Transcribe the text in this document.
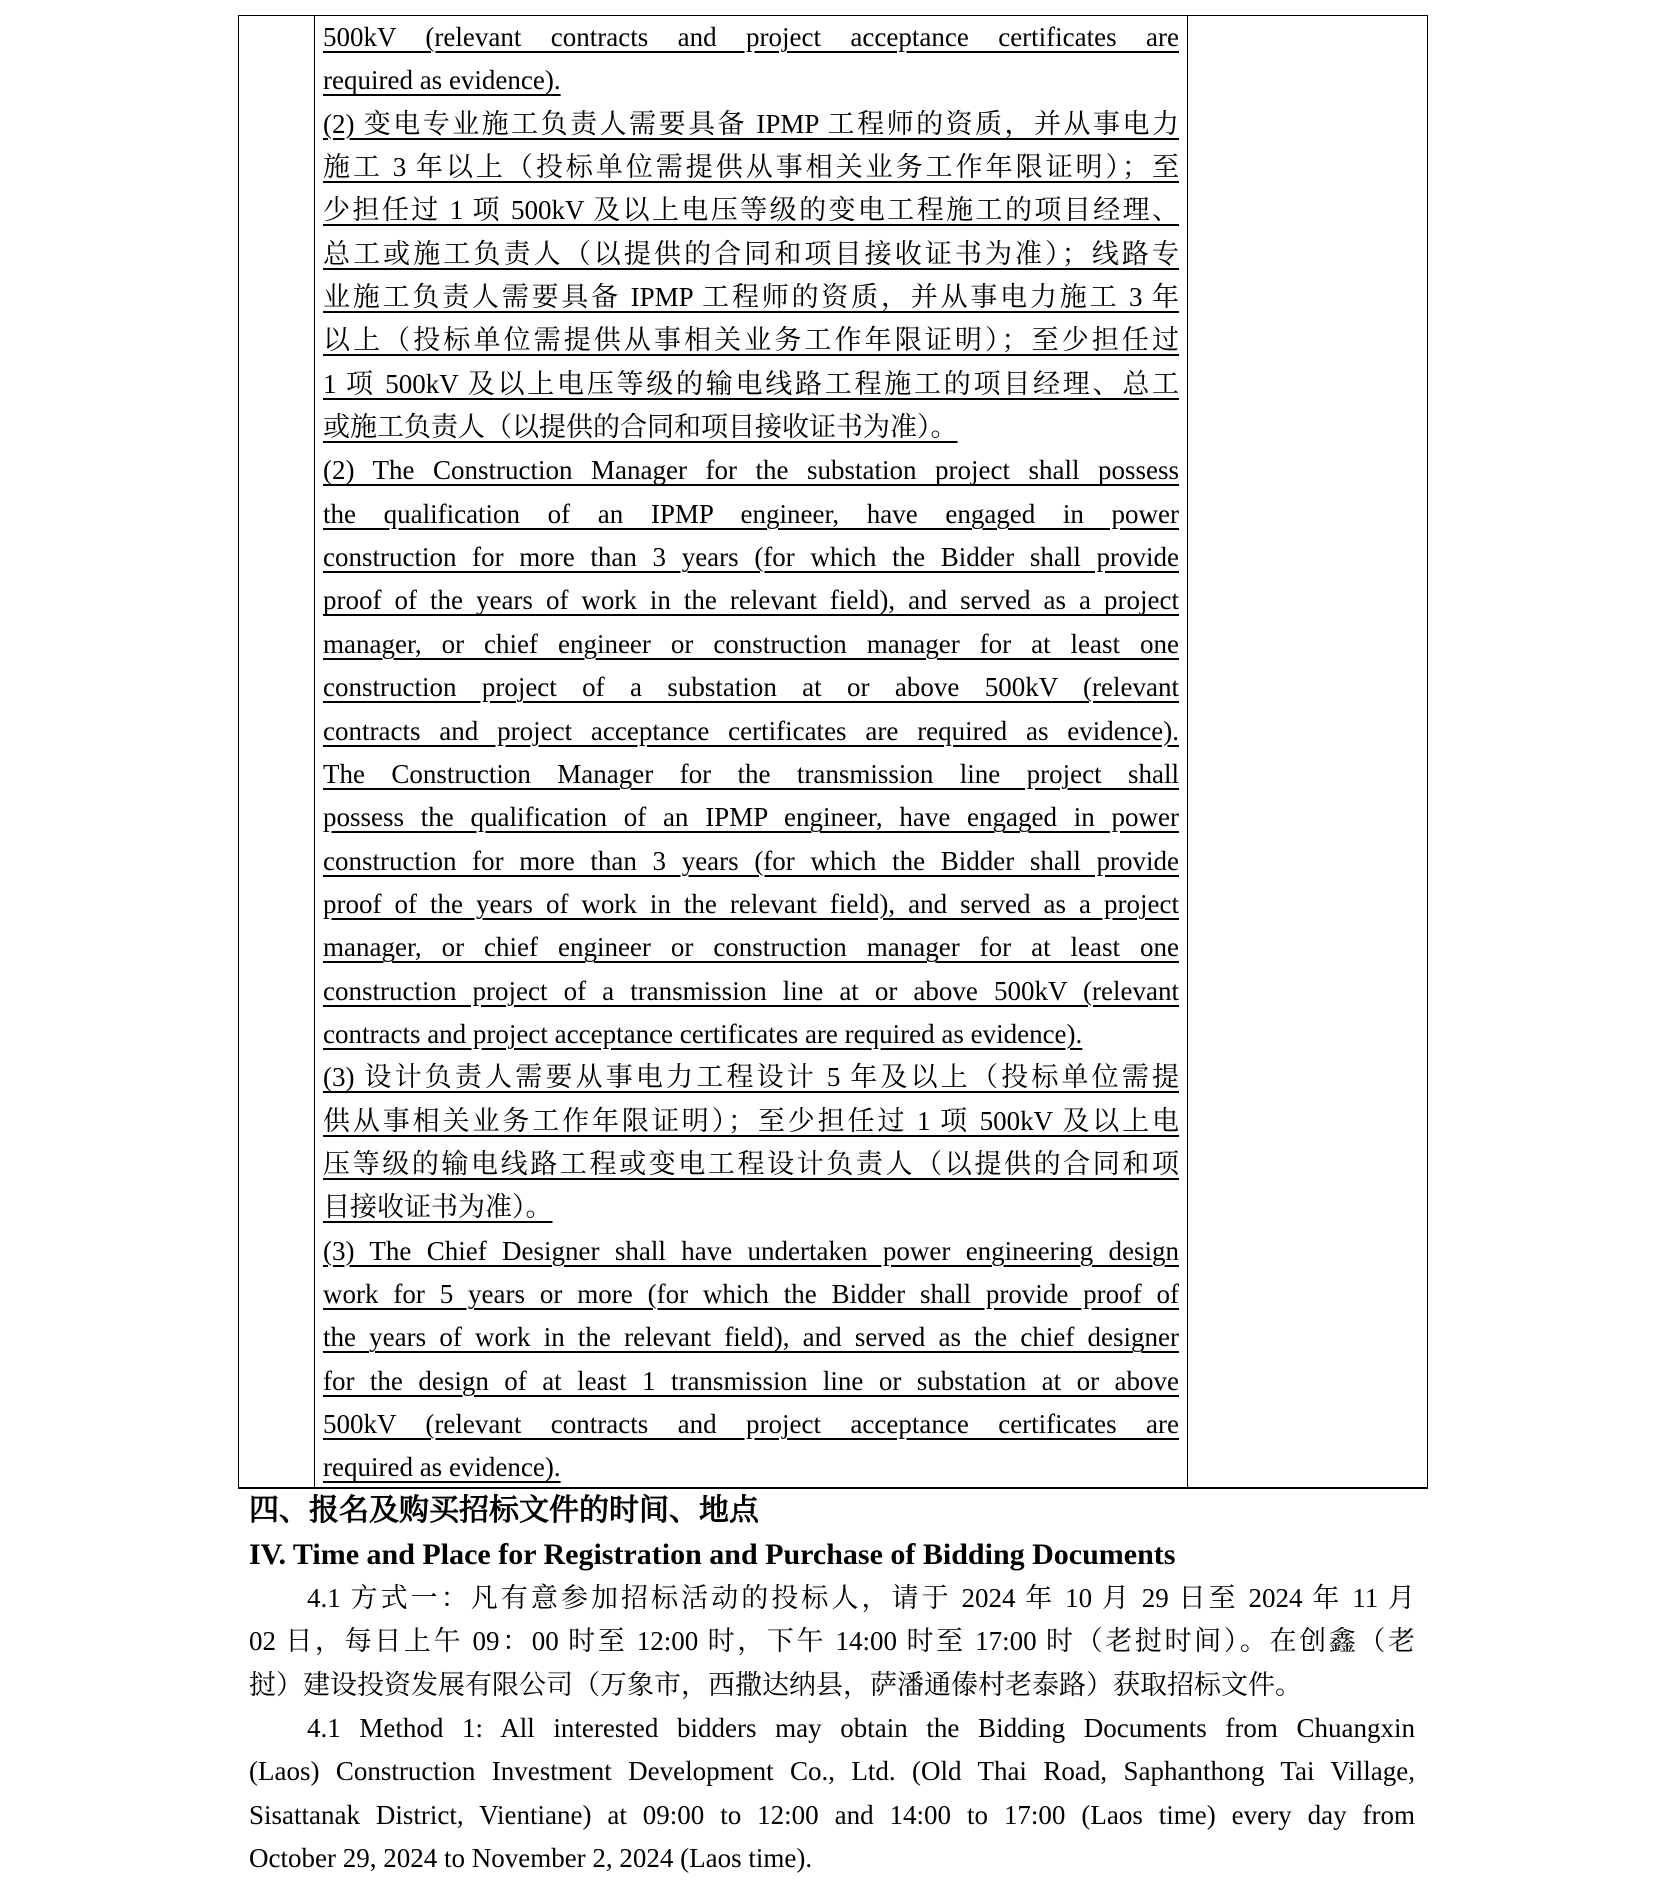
500kV (relevant contracts and project acceptance certificates are
required as evidence).
(2) 变电专业施工负责人需要具备 IPMP 工程师的资质，并从事电力
施工 3 年以上（投标单位需提供从事相关业务工作年限证明）；至
少担任过 1 项 500kV 及以上电压等级的变电工程施工的项目经理、
总工或施工负责人（以提供的合同和项目接收证书为准）；线路专
业施工负责人需要具备 IPMP 工程师的资质，并从事电力施工 3 年
以上（投标单位需提供从事相关业务工作年限证明）；至少担任过
1 项 500kV 及以上电压等级的输电线路工程施工的项目经理、总工
或施工负责人（以提供的合同和项目接收证书为准）。
(2) The Construction Manager for the substation project shall possess
the qualification of an IPMP engineer, have engaged in power
construction for more than 3 years (for which the Bidder shall provide
proof of the years of work in the relevant field), and served as a project
manager, or chief engineer or construction manager for at least one
construction project of a substation at or above 500kV (relevant
contracts and project acceptance certificates are required as evidence).
The Construction Manager for the transmission line project shall
possess the qualification of an IPMP engineer, have engaged in power
construction for more than 3 years (for which the Bidder shall provide
proof of the years of work in the relevant field), and served as a project
manager, or chief engineer or construction manager for at least one
construction project of a transmission line at or above 500kV (relevant
contracts and project acceptance certificates are required as evidence).
(3) 设计负责人需要从事电力工程设计 5 年及以上（投标单位需提
供从事相关业务工作年限证明）；至少担任过 1 项 500kV 及以上电
压等级的输电线路工程或变电工程设计负责人（以提供的合同和项
目接收证书为准）。
(3) The Chief Designer shall have undertaken power engineering design
work for 5 years or more (for which the Bidder shall provide proof of
the years of work in the relevant field), and served as the chief designer
for the design of at least 1 transmission line or substation at or above
500kV (relevant contracts and project acceptance certificates are
required as evidence).
四、报名及购买招标文件的时间、地点
IV. Time and Place for Registration and Purchase of Bidding Documents
4.1 方式一：凡有意参加招标活动的投标人，请于 2024 年 10 月 29 日至 2024 年 11 月
02 日，每日上午 09：00 时至 12:00 时，下午 14:00 时至 17:00 时（老挝时间）。在创鑫（老
挝）建设投资发展有限公司（万象市，西撒达纳县，萨潘通傣村老泰路）获取招标文件。
4.1 Method 1: All interested bidders may obtain the Bidding Documents from Chuangxin
(Laos) Construction Investment Development Co., Ltd. (Old Thai Road, Saphanthong Tai Village,
Sisattanak District, Vientiane) at 09:00 to 12:00 and 14:00 to 17:00 (Laos time) every day from
October 29, 2024 to November 2, 2024 (Laos time).
